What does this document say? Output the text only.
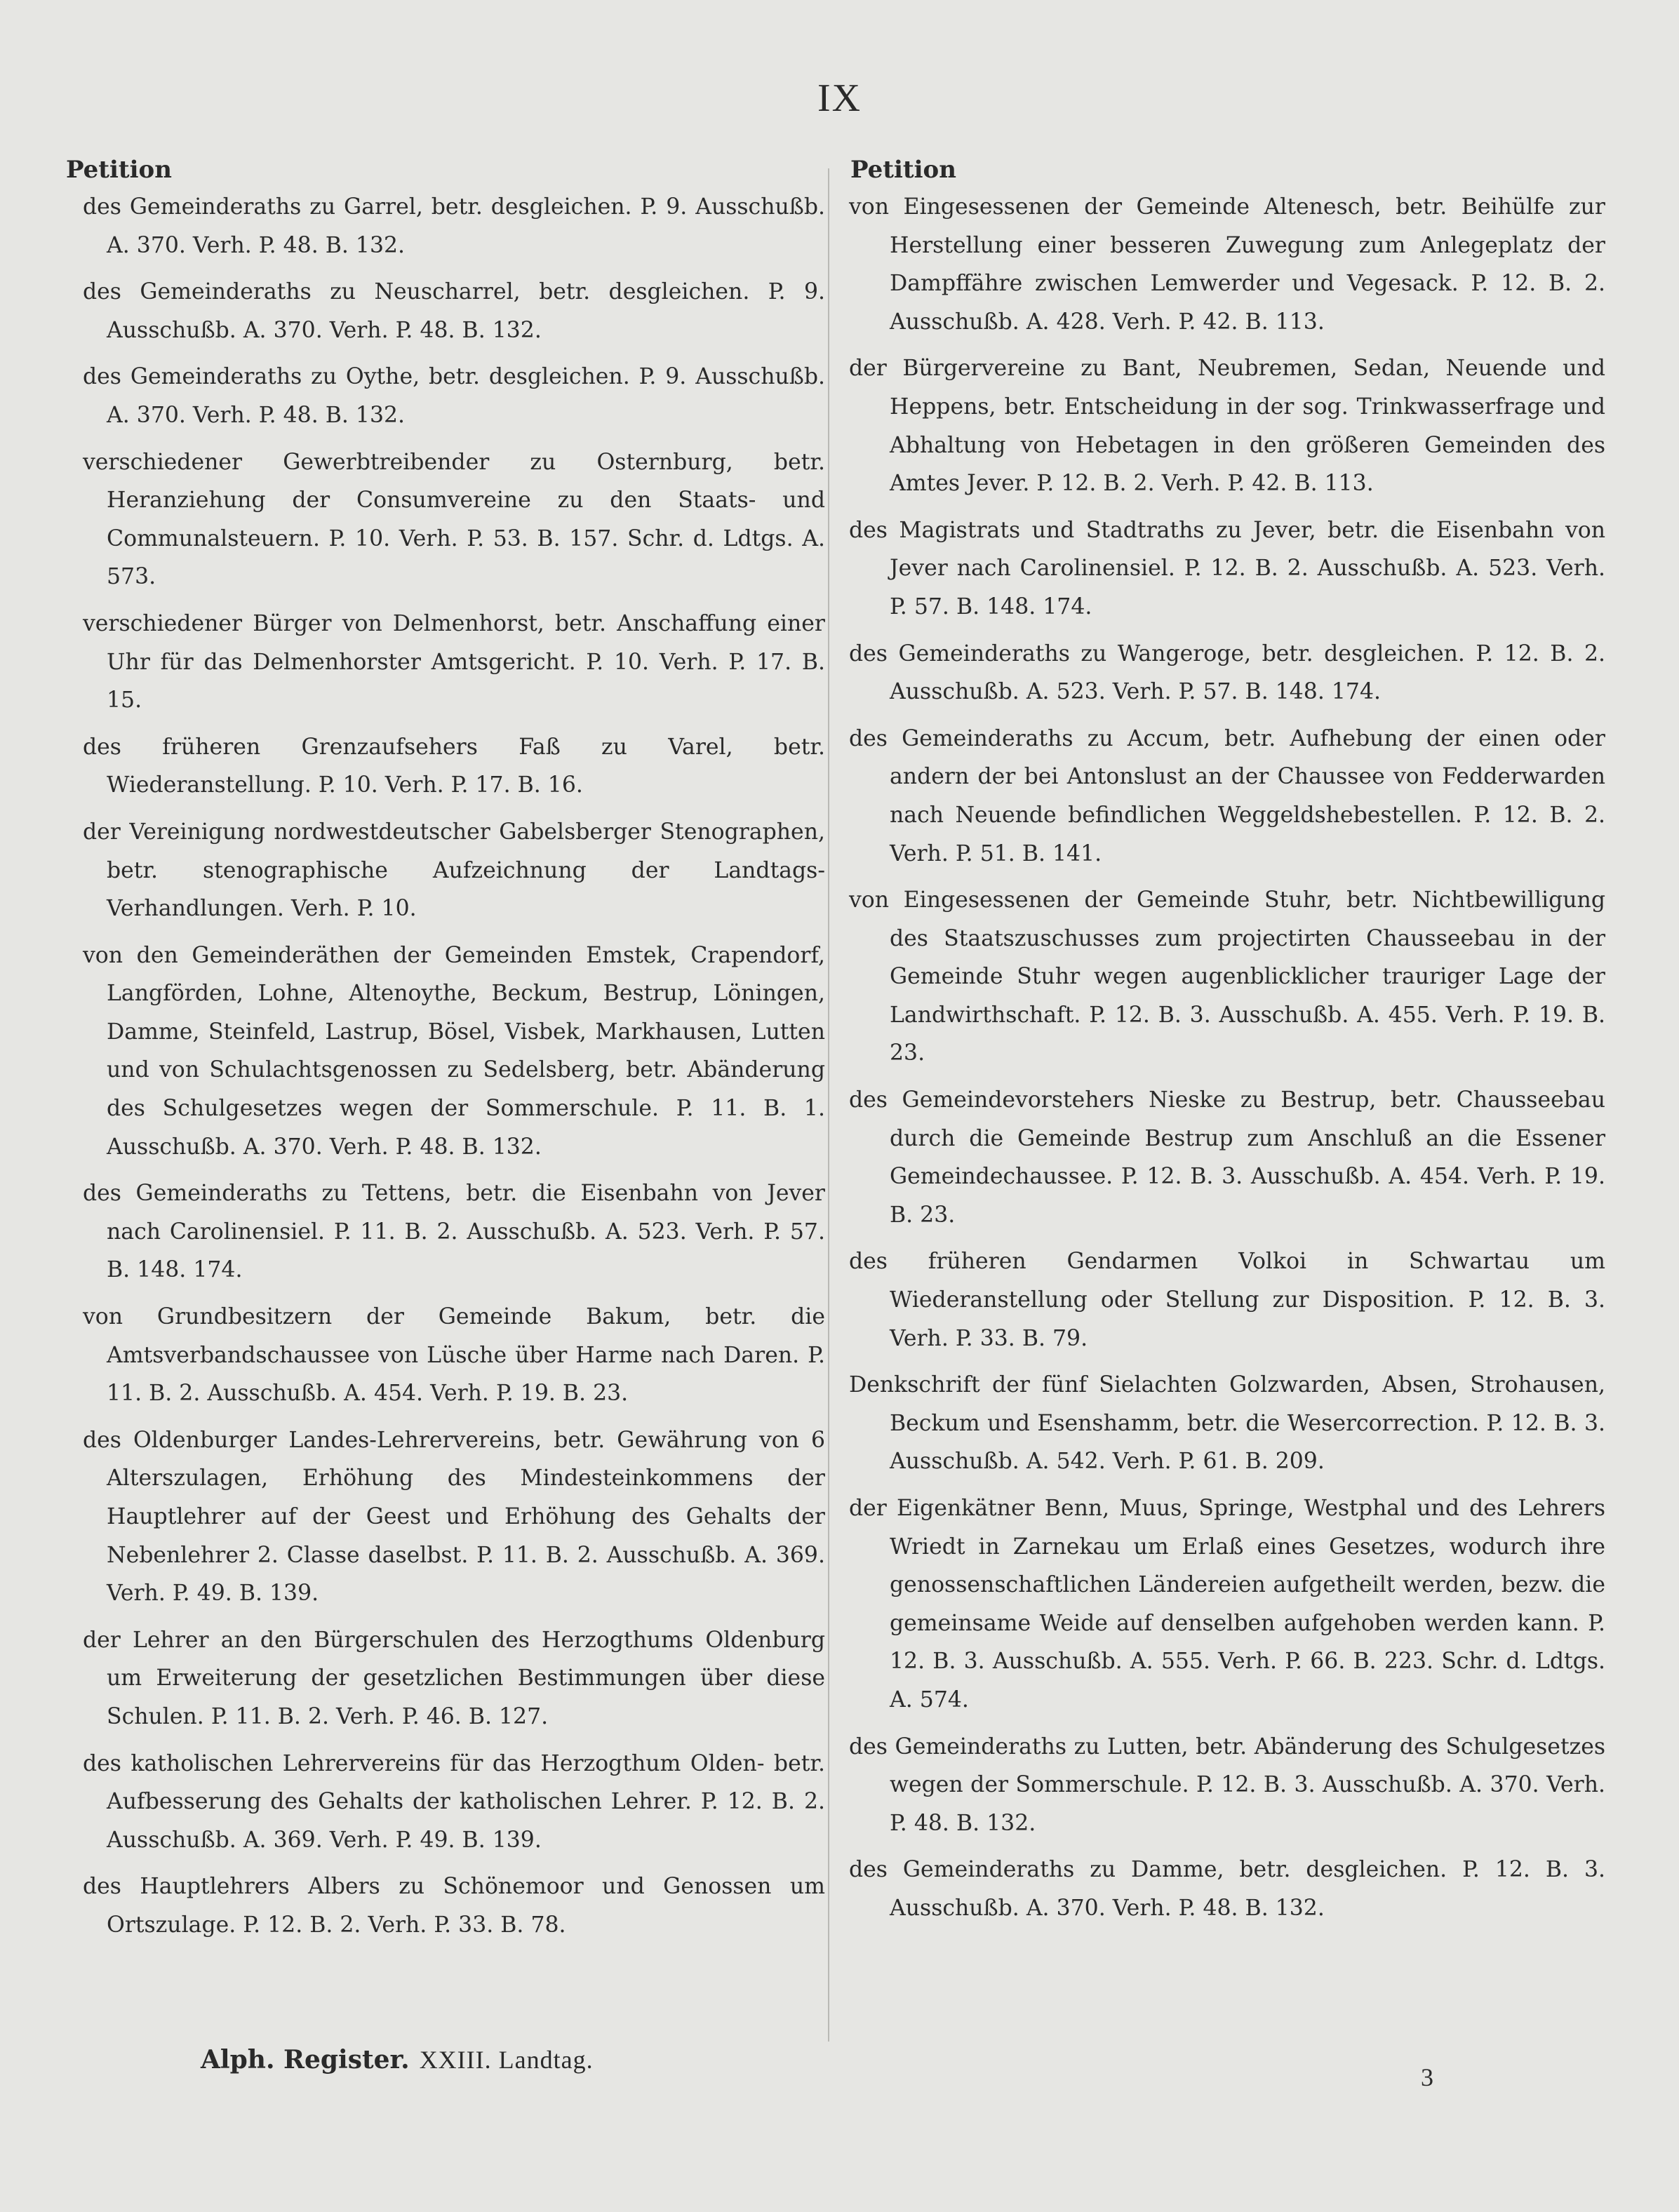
IX
Petition
des Gemeinderaths zu Garrel, betr. desgleichen. P. 9. Ausschußb. A. 370. Verh. P. 48. B. 132.
des Gemeinderaths zu Neuscharrel, betr. desgleichen. P. 9. Ausschußb. A. 370. Verh. P. 48. B. 132.
des Gemeinderaths zu Oythe, betr. desgleichen. P. 9. Ausschußb. A. 370. Verh. P. 48. B. 132.
verschiedener Gewerbtreibender zu Osternburg, betr. Heranziehung der Consumvereine zu den Staats- und Communalsteuern. P. 10. Verh. P. 53. B. 157. Schr. d. Ldtgs. A. 573.
verschiedener Bürger von Delmenhorst, betr. Anschaffung einer Uhr für das Delmenhorster Amtsgericht. P. 10. Verh. P. 17. B. 15.
des früheren Grenzaufsehers Faß zu Varel, betr. Wiederanstellung. P. 10. Verh. P. 17. B. 16.
der Vereinigung nordwestdeutscher Gabelsberger Stenographen, betr. stenographische Aufzeichnung der Landtags-Verhandlungen. Verh. P. 10.
von den Gemeinderäthen der Gemeinden Emstek, Crapendorf, Langförden, Lohne, Altenoythe, Beckum, Bestrup, Löningen, Damme, Steinfeld, Lastrup, Bösel, Visbek, Markhausen, Lutten und von Schulachtsgenossen zu Sedelsberg, betr. Abänderung des Schulgesetzes wegen der Sommerschule. P. 11. B. 1. Ausschußb. A. 370. Verh. P. 48. B. 132.
des Gemeinderaths zu Tettens, betr. die Eisenbahn von Jever nach Carolinensiel. P. 11. B. 2. Ausschußb. A. 523. Verh. P. 57. B. 148. 174.
von Grundbesitzern der Gemeinde Bakum, betr. die Amtsverbandschaussee von Lüsche über Harme nach Daren. P. 11. B. 2. Ausschußb. A. 454. Verh. P. 19. B. 23.
des Oldenburger Landes-Lehrervereins, betr. Gewährung von 6 Alterszulagen, Erhöhung des Mindesteinkommens der Hauptlehrer auf der Geest und Erhöhung des Gehalts der Nebenlehrer 2. Classe daselbst. P. 11. B. 2. Ausschußb. A. 369. Verh. P. 49. B. 139.
der Lehrer an den Bürgerschulen des Herzogthums Oldenburg um Erweiterung der gesetzlichen Bestimmungen über diese Schulen. P. 11. B. 2. Verh. P. 46. B. 127.
des katholischen Lehrervereins für das Herzogthum Olden- betr. Aufbesserung des Gehalts der katholischen Lehrer. P. 12. B. 2. Ausschußb. A. 369. Verh. P. 49. B. 139.
des Hauptlehrers Albers zu Schönemoor und Genossen um Ortszulage. P. 12. B. 2. Verh. P. 33. B. 78.
Petition
von Eingesessenen der Gemeinde Altenesch, betr. Beihülfe zur Herstellung einer besseren Zuwegung zum Anlegeplatz der Dampffähre zwischen Lemwerder und Vegesack. P. 12. B. 2. Ausschußb. A. 428. Verh. P. 42. B. 113.
der Bürgervereine zu Bant, Neubremen, Sedan, Neuende und Heppens, betr. Entscheidung in der sog. Trinkwasserfrage und Abhaltung von Hebetagen in den größeren Gemeinden des Amtes Jever. P. 12. B. 2. Verh. P. 42. B. 113.
des Magistrats und Stadtraths zu Jever, betr. die Eisenbahn von Jever nach Carolinensiel. P. 12. B. 2. Ausschußb. A. 523. Verh. P. 57. B. 148. 174.
des Gemeinderaths zu Wangeroge, betr. desgleichen. P. 12. B. 2. Ausschußb. A. 523. Verh. P. 57. B. 148. 174.
des Gemeinderaths zu Accum, betr. Aufhebung der einen oder andern der bei Antonslust an der Chaussee von Fedderwarden nach Neuende befindlichen Weggeldshebestellen. P. 12. B. 2. Verh. P. 51. B. 141.
von Eingesessenen der Gemeinde Stuhr, betr. Nichtbewilligung des Staatszuschusses zum projectirten Chausseebau in der Gemeinde Stuhr wegen augenblicklicher trauriger Lage der Landwirthschaft. P. 12. B. 3. Ausschußb. A. 455. Verh. P. 19. B. 23.
des Gemeindevorstehers Nieske zu Bestrup, betr. Chausseebau durch die Gemeinde Bestrup zum Anschluß an die Essener Gemeindechaussee. P. 12. B. 3. Ausschußb. A. 454. Verh. P. 19. B. 23.
des früheren Gendarmen Volkoi in Schwartau um Wiederanstellung oder Stellung zur Disposition. P. 12. B. 3. Verh. P. 33. B. 79.
Denkschrift der fünf Sielachten Golzwarden, Absen, Strohausen, Beckum und Esenshamm, betr. die Wesercorrection. P. 12. B. 3. Ausschußb. A. 542. Verh. P. 61. B. 209.
der Eigenkätner Benn, Muus, Springe, Westphal und des Lehrers Wriedt in Zarnekau um Erlaß eines Gesetzes, wodurch ihre genossenschaftlichen Ländereien aufgetheilt werden, bezw. die gemeinsame Weide auf denselben aufgehoben werden kann. P. 12. B. 3. Ausschußb. A. 555. Verh. P. 66. B. 223. Schr. d. Ldtgs. A. 574.
des Gemeinderaths zu Lutten, betr. Abänderung des Schulgesetzes wegen der Sommerschule. P. 12. B. 3. Ausschußb. A. 370. Verh. P. 48. B. 132.
des Gemeinderaths zu Damme, betr. desgleichen. P. 12. B. 3. Ausschußb. A. 370. Verh. P. 48. B. 132.
Alph. Register. XXIII. Landtag.
3
